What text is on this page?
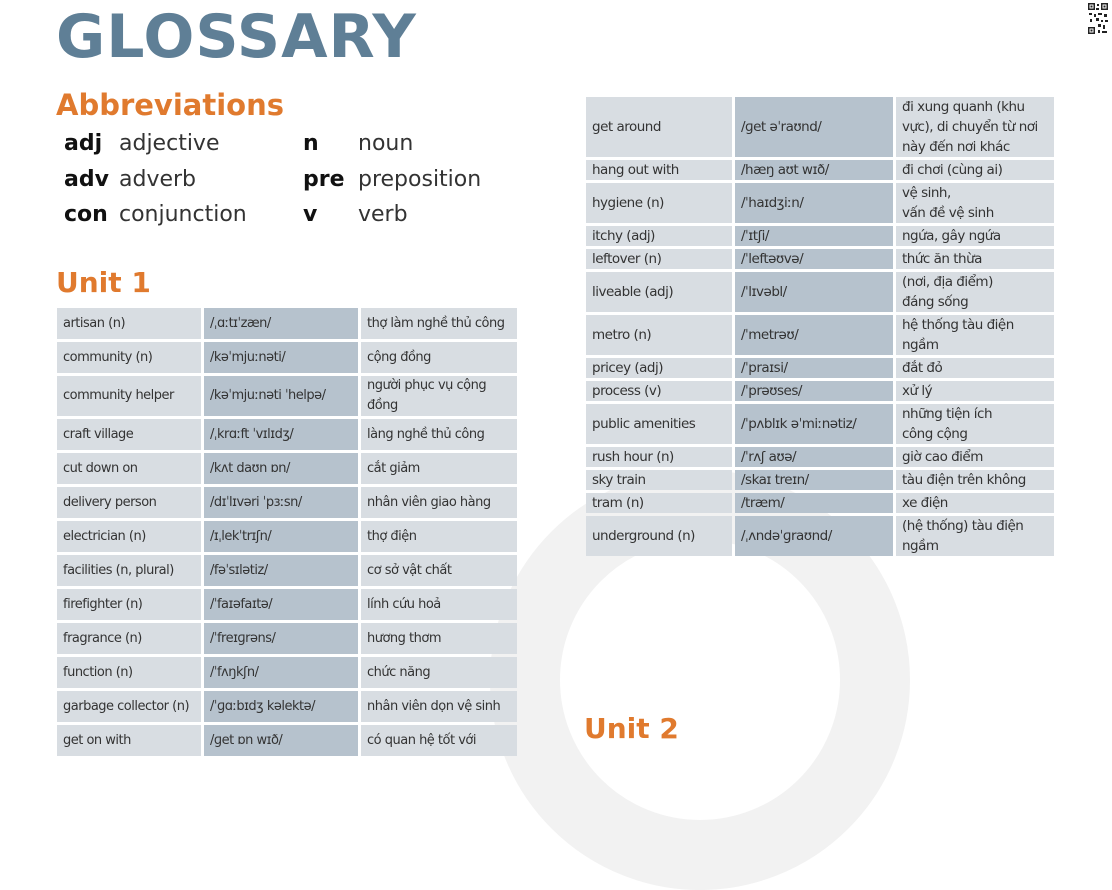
GLOSSARY
Abbreviations
adj adjective	n noun
adv adverb	pre preposition
con conjunction	v verb
Unit 1
artisan (n)	/ˌɑːtɪˈzæn/	thợ làm nghề thủ công
community (n)	/kəˈmjuːnəti/	cộng đồng
community helper	/kəˈmjuːnəti ˈhelpə/	người phục vụ cộng đồng
craft village	/ˌkrɑːft ˈvɪlɪdʒ/	làng nghề thủ công
cut down on	/kʌt daʊn ɒn/	cắt giảm
delivery person	/dɪˈlɪvəri ˈpɜːsn/	nhân viên giao hàng
electrician (n)	/ɪˌlekˈtrɪʃn/	thợ điện
facilities (n, plural)	/fəˈsɪlətiz/	cơ sở vật chất
firefighter (n)	/ˈfaɪəfaɪtə/	lính cứu hoả
fragrance (n)	/ˈfreɪɡrəns/	hương thơm
function (n)	/ˈfʌŋkʃn/	chức năng
garbage collector (n)	/ˈɡɑːbɪdʒ kəlektə/	nhân viên dọn vệ sinh
get on with	/ɡet ɒn wɪð/	có quan hệ tốt với
get around	/ɡet əˈraʊnd/	đi xung quanh (khu vực), di chuyển từ nơi này đến nơi khác
hang out with	/hæŋ aʊt wɪð/	đi chơi (cùng ai)
hygiene (n)	/ˈhaɪdʒiːn/	vệ sinh,
vấn đề vệ sinh
itchy (adj)	/ˈɪtʃi/	ngứa, gây ngứa
leftover (n)	/ˈleftəʊvə/	thức ăn thừa
liveable (adj)	/ˈlɪvəbl/	(nơi, địa điểm)
đáng sống
metro (n)	/ˈmetrəʊ/	hệ thống tàu điện ngầm
pricey (adj)	/ˈpraɪsi/	đắt đỏ
process (v)	/ˈprəʊses/	xử lý
public amenities	/ˈpʌblɪk əˈmiːnətiz/	những tiện ích
công cộng
rush hour (n)	/ˈrʌʃ aʊə/	giờ cao điểm
sky train	/skaɪ treɪn/	tàu điện trên không
tram (n)	/træm/	xe điện
underground (n)	/ˌʌndəˈɡraʊnd/	(hệ thống) tàu điện
ngầm
Unit 2
